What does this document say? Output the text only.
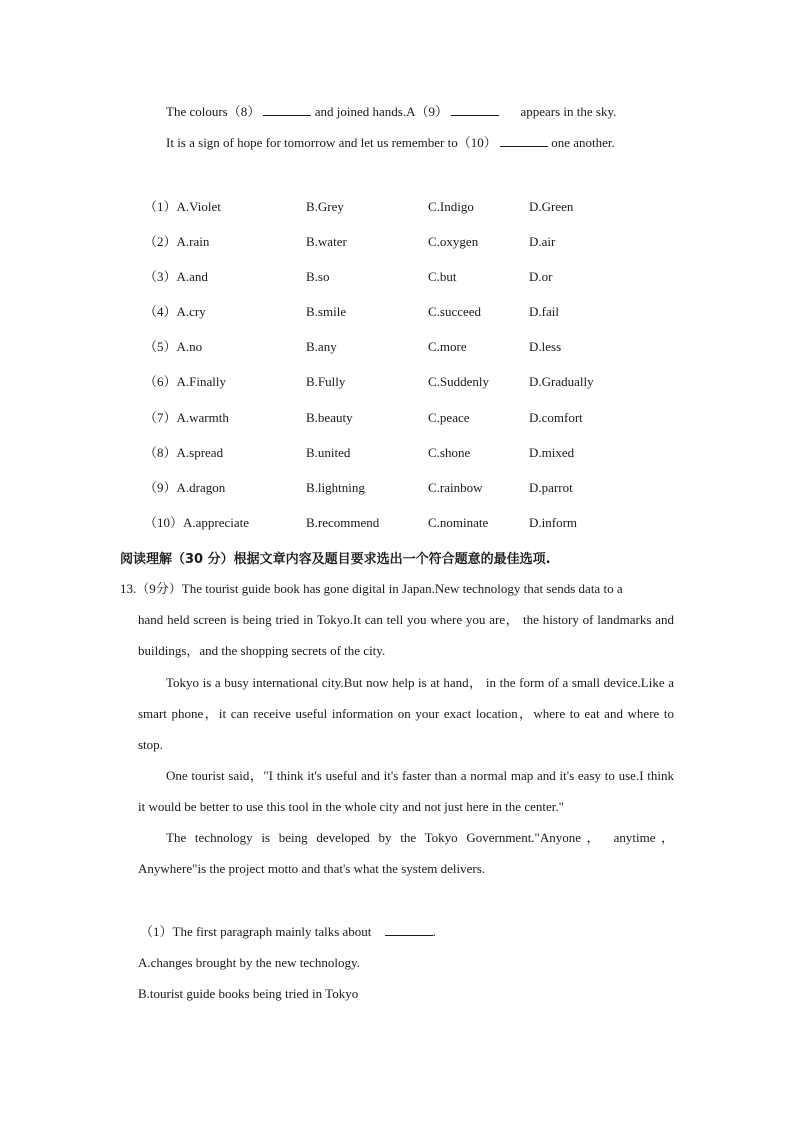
The colours（8）	and joined hands.A（9）	appears in the sky.
It is a sign of hope for tomorrow and let us remember to（10）	one another.
（1）A.Violet	B.Grey	C.Indigo	D.Green
（2）A.rain	B.water	C.oxygen	D.air
（3）A.and	B.so	C.but	D.or
（4）A.cry	B.smile	C.succeed	D.fail
（5）A.no	B.any	C.more	D.less
（6）A.Finally	B.Fully	C.Suddenly	D.Gradually
（7）A.warmth	B.beauty	C.peace	D.comfort
（8）A.spread	B.united	C.shone	D.mixed
（9）A.dragon	B.lightning	C.rainbow	D.parrot
（10）A.appreciate	B.recommend	C.nominate	D.inform
阅读理解（30 分）根据文章内容及题目要求选出一个符合题意的最佳选项.
13.（9分）The tourist guide book has gone digital in Japan.New technology that sends data to a
hand held screen is being tried in Tokyo.It can tell you where you are， the history of landmarks and buildings，and the shopping secrets of the city.
Tokyo is a busy international city.But now help is at hand， in the form of a small device.Like a smart phone，it can receive useful information on your exact location，where to eat and where to stop.
One tourist said，"I think it's useful and it's faster than a normal map and it's easy to use.I think it would be better to use this tool in the whole city and not just here in the center."
The technology is being developed by the Tokyo Government."Anyone， anytime， Anywhere"is the project motto and that's what the system delivers.
（1）The first paragraph mainly talks about	.
A.changes brought by the new technology.
B.tourist guide books being tried in Tokyo
